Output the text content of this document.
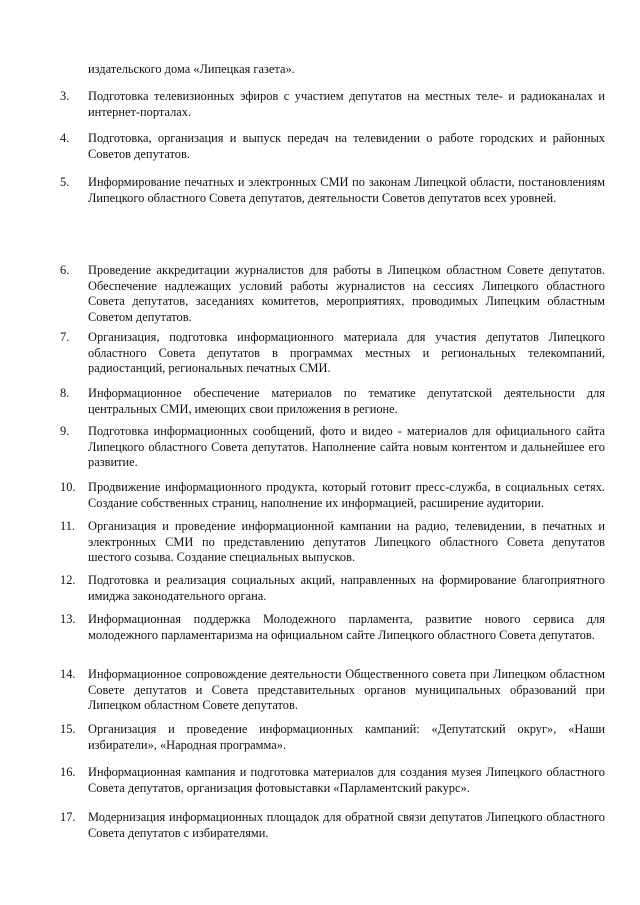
издательского дома «Липецкая газета».

3.	Подготовка телевизионных эфиров с участием депутатов на местных теле- и радиоканалах и интернет-порталах.
4.	Подготовка, организация и выпуск передач на телевидении о работе городских и районных Советов депутатов.
5.	Информирование печатных и электронных СМИ по законам Липецкой области, постановлениям Липецкого областного Совета депутатов, деятельности Советов депутатов всех уровней.
6.	Проведение аккредитации журналистов для работы в Липецком областном Совете депутатов. Обеспечение надлежащих условий работы журналистов на сессиях Липецкого областного Совета депутатов, заседаниях комитетов, мероприятиях, проводимых Липецким областным Советом депутатов.
7.	Организация, подготовка информационного материала для участия депутатов Липецкого областного Совета депутатов в программах местных и региональных телекомпаний, радиостанций, региональных печатных СМИ.
8.	Информационное обеспечение материалов по тематике депутатской деятельности для центральных СМИ, имеющих свои приложения в регионе.
9.	Подготовка информационных сообщений, фото и видео - материалов для официального сайта Липецкого областного Совета депутатов. Наполнение сайта новым контентом и дальнейшее его развитие.
10.	Продвижение информационного продукта, который готовит пресс-служба, в социальных сетях. Создание собственных страниц, наполнение их информацией, расширение аудитории.
11.	Организация и проведение информационной кампании на радио, телевидении, в печатных и электронных СМИ по представлению депутатов Липецкого областного Совета депутатов шестого созыва. Создание специальных выпусков.
12.	Подготовка и реализация социальных акций, направленных на формирование благоприятного имиджа законодательного органа.
13.	Информационная поддержка Молодежного парламента, развитие нового сервиса для молодежного парламентаризма на официальном сайте Липецкого областного Совета депутатов.
14.	Информационное сопровождение деятельности Общественного совета при Липецком областном Совете депутатов и Совета представительных органов муниципальных образований при Липецком областном Совете депутатов.
15.	Организация и проведение информационных кампаний: «Депутатский округ», «Наши избиратели», «Народная программа».
16.	Информационная кампания и подготовка материалов для создания музея Липецкого областного Совета депутатов, организация фотовыставки «Парламентский ракурс».
17.	Модернизация информационных площадок для обратной связи депутатов Липецкого областного Совета депутатов с избирателями.
